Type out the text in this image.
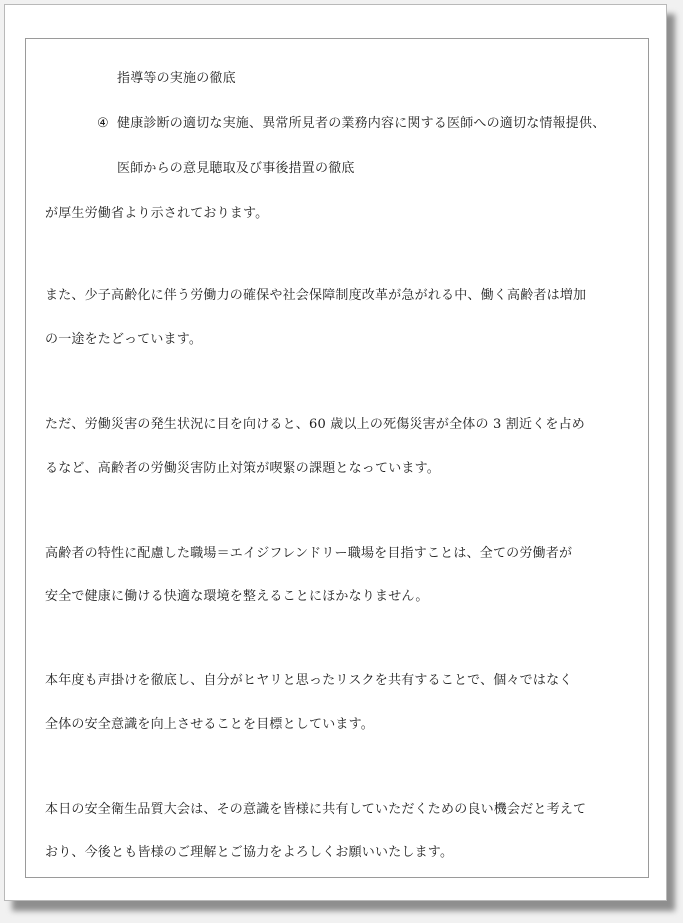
指導等の実施の徹底
④ 健康診断の適切な実施、異常所見者の業務内容に関する医師への適切な情報提供、
医師からの意見聴取及び事後措置の徹底
が厚生労働省より示されております。
また、少子高齢化に伴う労働力の確保や社会保障制度改革が急がれる中、働く高齢者は増加
の一途をたどっています。
ただ、労働災害の発生状況に目を向けると、60 歳以上の死傷災害が全体の 3 割近くを占め
るなど、高齢者の労働災害防止対策が喫緊の課題となっています。
高齢者の特性に配慮した職場＝エイジフレンドリー職場を目指すことは、全ての労働者が
安全で健康に働ける快適な環境を整えることにほかなりません。
本年度も声掛けを徹底し、自分がヒヤリと思ったリスクを共有することで、個々ではなく
全体の安全意識を向上させることを目標としています。
本日の安全衛生品質大会は、その意識を皆様に共有していただくための良い機会だと考えて
おり、今後とも皆様のご理解とご協力をよろしくお願いいたします。
